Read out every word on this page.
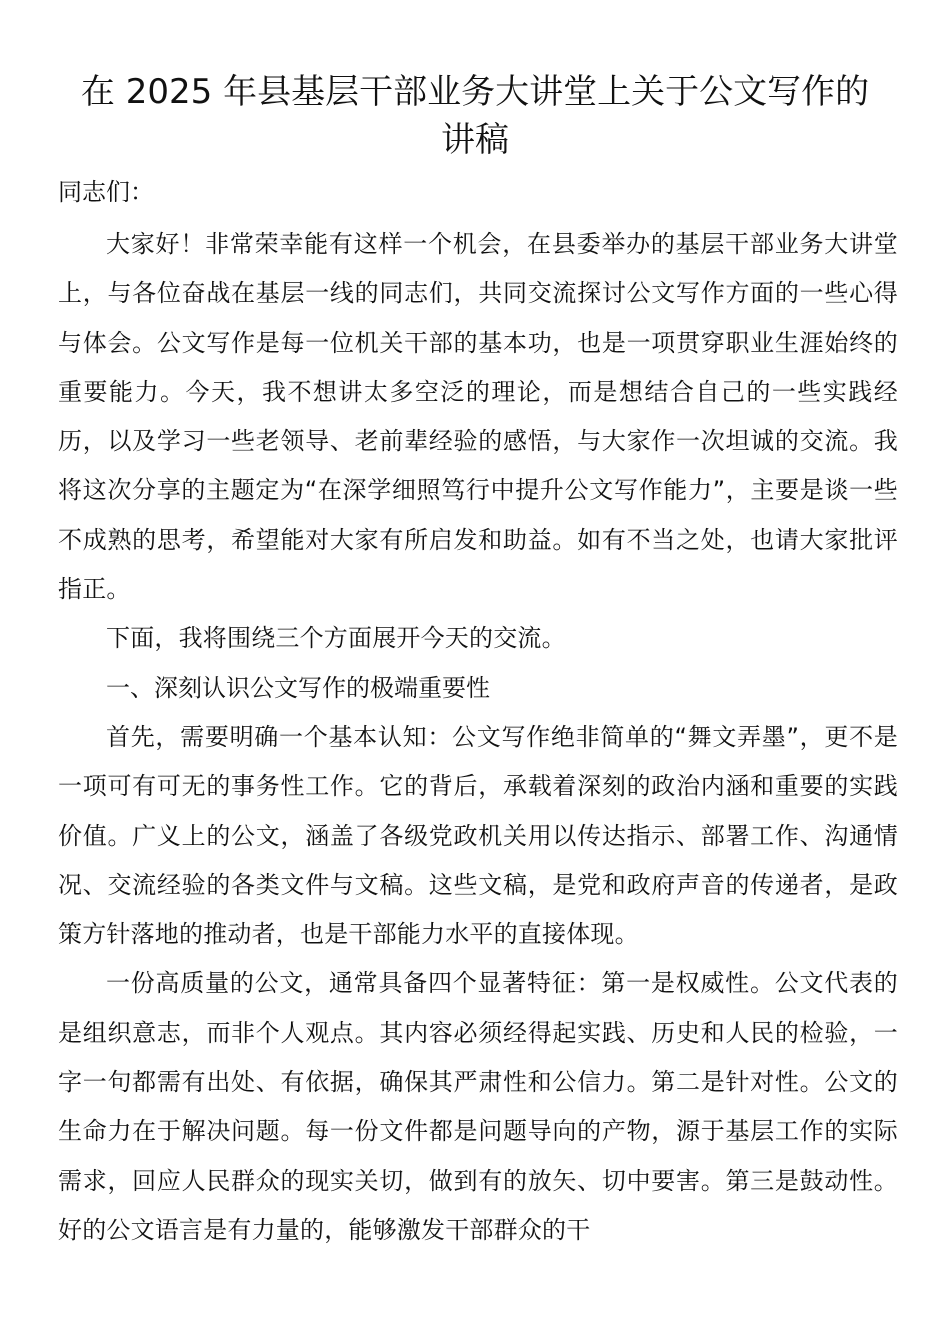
在 2025 年县基层干部业务大讲堂上关于公文写作的
讲稿

同志们：

大家好！非常荣幸能有这样一个机会，在县委举办的基层干部业务大讲堂上，与各位奋战在基层一线的同志们，共同交流探讨公文写作方面的一些心得与体会。公文写作是每一位机关干部的基本功，也是一项贯穿职业生涯始终的重要能力。今天，我不想讲太多空泛的理论，而是想结合自己的一些实践经历，以及学习一些老领导、老前辈经验的感悟，与大家作一次坦诚的交流。我将这次分享的主题定为“在深学细照笃行中提升公文写作能力”，主要是谈一些不成熟的思考，希望能对大家有所启发和助益。如有不当之处，也请大家批评指正。

下面，我将围绕三个方面展开今天的交流。

一、深刻认识公文写作的极端重要性

首先，需要明确一个基本认知：公文写作绝非简单的“舞文弄墨”，更不是一项可有可无的事务性工作。它的背后，承载着深刻的政治内涵和重要的实践价值。广义上的公文，涵盖了各级党政机关用以传达指示、部署工作、沟通情况、交流经验的各类文件与文稿。这些文稿，是党和政府声音的传递者，是政策方针落地的推动者，也是干部能力水平的直接体现。

一份高质量的公文，通常具备四个显著特征：第一是权威性。公文代表的是组织意志，而非个人观点。其内容必须经得起实践、历史和人民的检验，一字一句都需有出处、有依据，确保其严肃性和公信力。第二是针对性。公文的生命力在于解决问题。每一份文件都是问题导向的产物，源于基层工作的实际需求，回应人民群众的现实关切，做到有的放矢、切中要害。第三是鼓动性。好的公文语言是有力量的，能够激发干部群众的干
